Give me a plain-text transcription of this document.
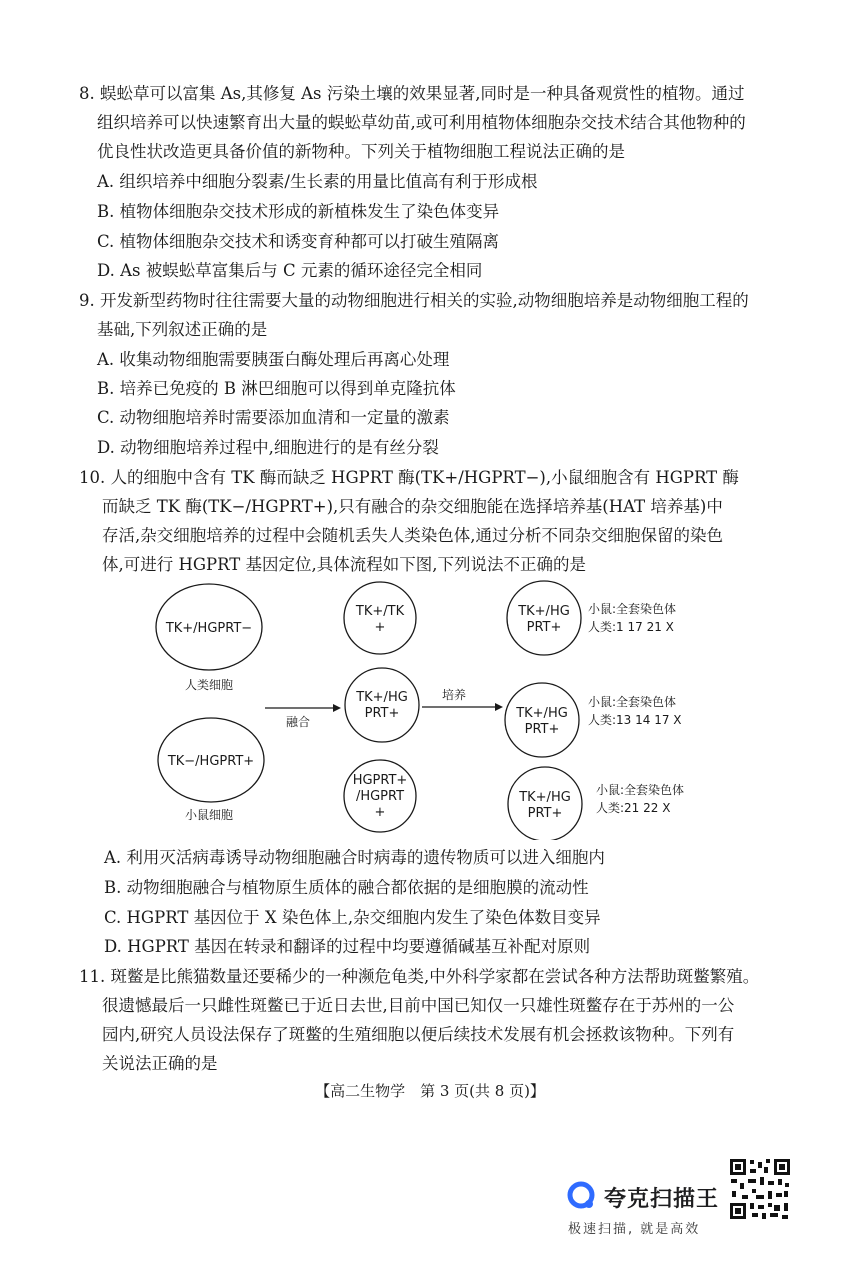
8. 蜈蚣草可以富集 As,其修复 As 污染土壤的效果显著,同时是一种具备观赏性的植物。通过
组织培养可以快速繁育出大量的蜈蚣草幼苗,或可利用植物体细胞杂交技术结合其他物种的
优良性状改造更具备价值的新物种。下列关于植物细胞工程说法正确的是
A. 组织培养中细胞分裂素/生长素的用量比值高有利于形成根
B. 植物体细胞杂交技术形成的新植株发生了染色体变异
C. 植物体细胞杂交技术和诱变育种都可以打破生殖隔离
D. As 被蜈蚣草富集后与 C 元素的循环途径完全相同
9. 开发新型药物时往往需要大量的动物细胞进行相关的实验,动物细胞培养是动物细胞工程的
基础,下列叙述正确的是
A. 收集动物细胞需要胰蛋白酶处理后再离心处理
B. 培养已免疫的 B 淋巴细胞可以得到单克隆抗体
C. 动物细胞培养时需要添加血清和一定量的激素
D. 动物细胞培养过程中,细胞进行的是有丝分裂
10. 人的细胞中含有 TK 酶而缺乏 HGPRT 酶(TK+/HGPRT−),小鼠细胞含有 HGPRT 酶
而缺乏 TK 酶(TK−/HGPRT+),只有融合的杂交细胞能在选择培养基(HAT 培养基)中
存活,杂交细胞培养的过程中会随机丢失人类染色体,通过分析不同杂交细胞保留的染色
体,可进行 HGPRT 基因定位,具体流程如下图,下列说法不正确的是
TK+/HGPRT−
人类细胞
TK−/HGPRT+
小鼠细胞
融合
TK+/TK
+
TK+/HG
PRT+
HGPRT+
/HGPRT
+
培养
TK+/HG
PRT+
小鼠:全套染色体
人类:1 17 21 X
TK+/HG
PRT+
小鼠:全套染色体
人类:13 14 17 X
TK+/HG
PRT+
小鼠:全套染色体
人类:21 22 X
A. 利用灭活病毒诱导动物细胞融合时病毒的遗传物质可以进入细胞内
B. 动物细胞融合与植物原生质体的融合都依据的是细胞膜的流动性
C. HGPRT 基因位于 X 染色体上,杂交细胞内发生了染色体数目变异
D. HGPRT 基因在转录和翻译的过程中均要遵循碱基互补配对原则
11. 斑鳖是比熊猫数量还要稀少的一种濒危龟类,中外科学家都在尝试各种方法帮助斑鳖繁殖。
很遗憾最后一只雌性斑鳖已于近日去世,目前中国已知仅一只雄性斑鳖存在于苏州的一公
园内,研究人员设法保存了斑鳖的生殖细胞以便后续技术发展有机会拯救该物种。下列有
关说法正确的是
【高二生物学　第 3 页(共 8 页)】
夸克扫描王
极速扫描, 就是高效
